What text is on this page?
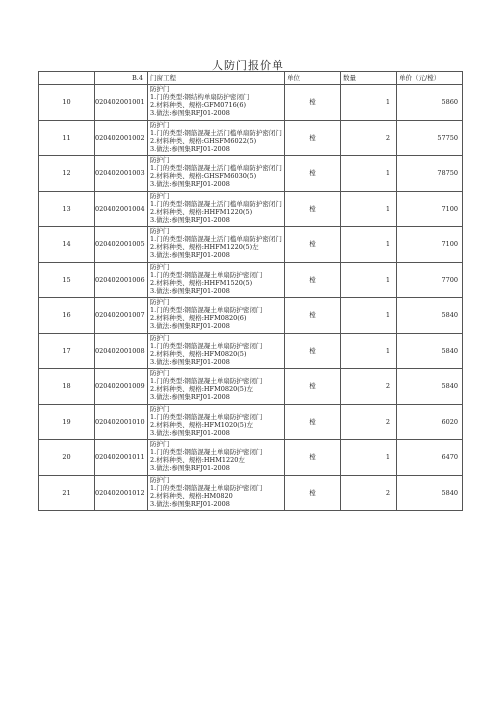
人防门报价单
	B.4	门窗工程	单位	数量	单价（元/樘）
10	020402001001	防护门
1.门的类型:钢结构单扇防护密闭门
2.材料种类、规格:GFM0716(6)
3.做法:参图集RFJ01-2008	樘	1	5860
11	020402001002	防护门
1.门的类型:钢筋混凝土活门槛单扇防护密闭门
2.材料种类、规格:GHSFM6022(5)
3.做法:参图集RFJ01-2008	樘	2	57750
12	020402001003	防护门
1.门的类型:钢筋混凝土活门槛单扇防护密闭门
2.材料种类、规格:GHSFM6030(5)
3.做法:参图集RFJ01-2008	樘	1	78750
13	020402001004	防护门
1.门的类型:钢筋混凝土活门槛单扇防护密闭门
2.材料种类、规格:HHFM1220(5)
3.做法:参图集RFJ01-2008	樘	1	7100
14	020402001005	防护门
1.门的类型:钢筋混凝土活门槛单扇防护密闭门
2.材料种类、规格:HHFM1220(5)左
3.做法:参图集RFJ01-2008	樘	1	7100
15	020402001006	防护门
1.门的类型:钢筋混凝土单扇防护密闭门
2.材料种类、规格:HHFM1520(5)
3.做法:参图集RFJ01-2008	樘	1	7700
16	020402001007	防护门
1.门的类型:钢筋混凝土单扇防护密闭门
2.材料种类、规格:HFM0820(6)
3.做法:参图集RFJ01-2008	樘	1	5840
17	020402001008	防护门
1.门的类型:钢筋混凝土单扇防护密闭门
2.材料种类、规格:HFM0820(5)
3.做法:参图集RFJ01-2008	樘	1	5840
18	020402001009	防护门
1.门的类型:钢筋混凝土单扇防护密闭门
2.材料种类、规格:HFM0820(5)左
3.做法:参图集RFJ01-2008	樘	2	5840
19	020402001010	防护门
1.门的类型:钢筋混凝土单扇防护密闭门
2.材料种类、规格:HFM1020(5)左
3.做法:参图集RFJ01-2008	樘	2	6020
20	020402001011	防护门
1.门的类型:钢筋混凝土单扇防护密闭门
2.材料种类、规格:HHM1220左
3.做法:参图集RFJ01-2008	樘	1	6470
21	020402001012	防护门
1.门的类型:钢筋混凝土单扇防护密闭门
2.材料种类、规格:HM0820
3.做法:参图集RFJ01-2008	樘	2	5840
